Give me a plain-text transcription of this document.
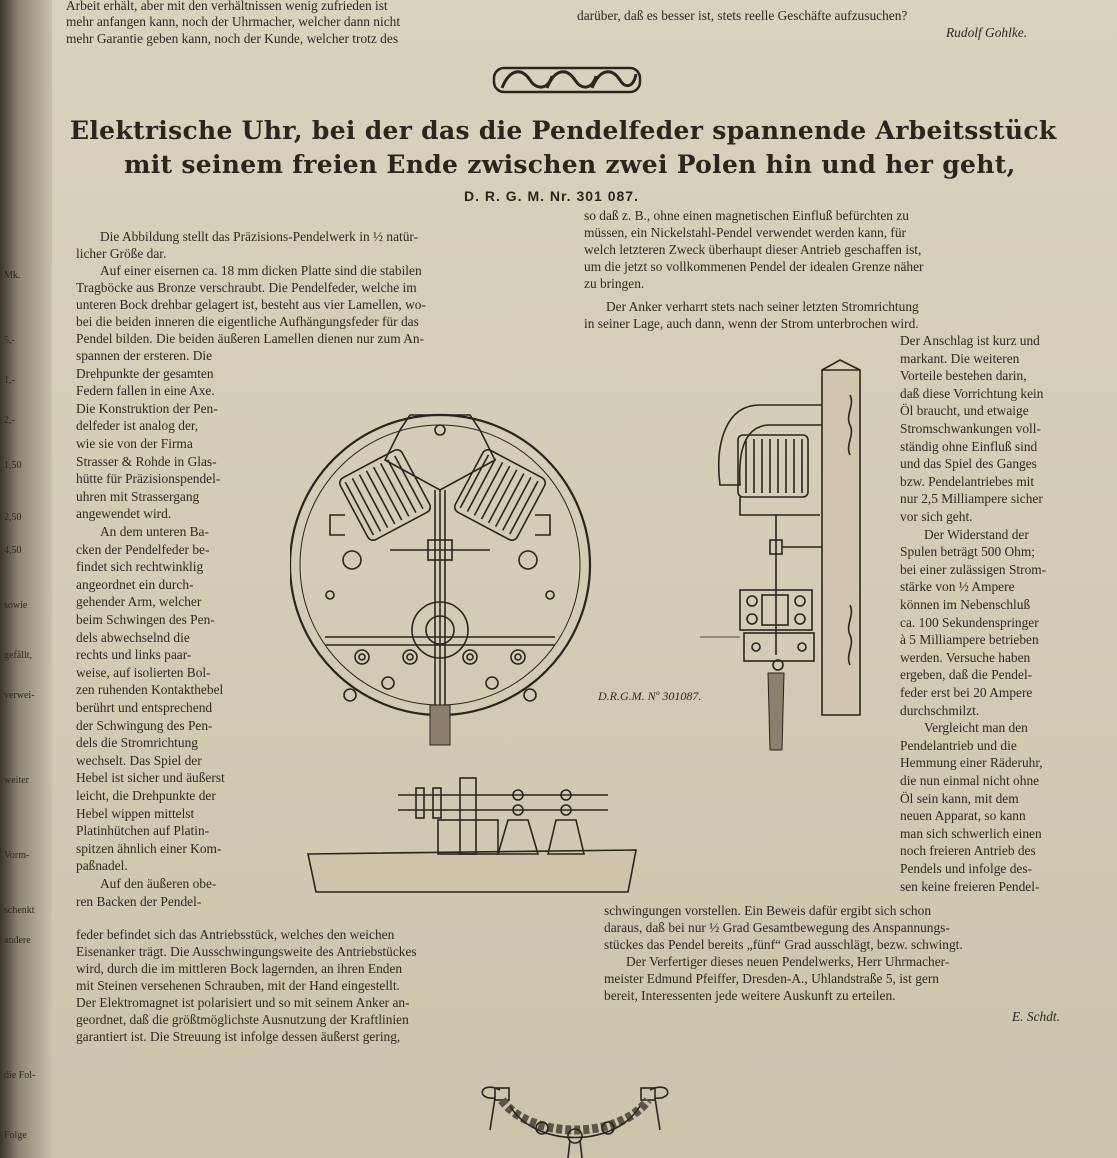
Mk.
5,-
1,-
2,-
1,50
2,50
4,50
sowie
gefällt,
verwei-
weiter
Vorm-
schenkt
andere
die Fol-
Folge
Arbeit erhält, aber mit den verhältnissen wenig zufrieden ist
mehr anfangen kann, noch der Uhrmacher, welcher dann nicht
mehr Garantie geben kann, noch der Kunde, welcher trotz des
darüber, daß es besser ist, stets reelle Geschäfte aufzusuchen?
Rudolf Gohlke.
Elektrische Uhr, bei der das die Pendelfeder spannende Arbeitsstück
mit seinem freien Ende zwischen zwei Polen hin und her geht,
D. R. G. M. Nr. 301 087.
Die Abbildung stellt das Präzisions-Pendelwerk in ½ natür-
licher Größe dar.
Auf einer eisernen ca. 18 mm dicken Platte sind die stabilen
Tragböcke aus Bronze verschraubt. Die Pendelfeder, welche im
unteren Bock drehbar gelagert ist, besteht aus vier Lamellen, wo-
bei die beiden inneren die eigentliche Aufhängungsfeder für das
Pendel bilden. Die beiden äußeren Lamellen dienen nur zum An-
spannen der ersteren. Die
Drehpunkte der gesamten
Federn fallen in eine Axe.
Die Konstruktion der Pen-
delfeder ist analog der,
wie sie von der Firma
Strasser & Rohde in Glas-
hütte für Präzisionspendel-
uhren mit Strassergang
angewendet wird.
An dem unteren Ba-
cken der Pendelfeder be-
findet sich rechtwinklig
angeordnet ein durch-
gehender Arm, welcher
beim Schwingen des Pen-
dels abwechselnd die
rechts und links paar-
weise, auf isolierten Bol-
zen ruhenden Kontakthebel
berührt und entsprechend
der Schwingung des Pen-
dels die Stromrichtung
wechselt. Das Spiel der
Hebel ist sicher und äußerst
leicht, die Drehpunkte der
Hebel wippen mittelst
Platinhütchen auf Platin-
spitzen ähnlich einer Kom-
paßnadel.
Auf den äußeren obe-
ren Backen der Pendel-
so daß z. B., ohne einen magnetischen Einfluß befürchten zu
müssen, ein Nickelstahl-Pendel verwendet werden kann, für
welch letzteren Zweck überhaupt dieser Antrieb geschaffen ist,
um die jetzt so vollkommenen Pendel der idealen Grenze näher
zu bringen.
Der Anker verharrt stets nach seiner letzten Stromrichtung
in seiner Lage, auch dann, wenn der Strom unterbrochen wird.
Der Anschlag ist kurz und
markant. Die weiteren
Vorteile bestehen darin,
daß diese Vorrichtung kein
Öl braucht, und etwaige
Stromschwankungen voll-
ständig ohne Einfluß sind
und das Spiel des Ganges
bzw. Pendelantriebes mit
nur 2,5 Milliampere sicher
vor sich geht.
Der Widerstand der
Spulen beträgt 500 Ohm;
bei einer zulässigen Strom-
stärke von ½ Ampere
können im Nebenschluß
ca. 100 Sekundenspringer
à 5 Milliampere betrieben
werden. Versuche haben
ergeben, daß die Pendel-
feder erst bei 20 Ampere
durchschmilzt.
Vergleicht man den
Pendelantrieb und die
Hemmung einer Räderuhr,
die nun einmal nicht ohne
Öl sein kann, mit dem
neuen Apparat, so kann
man sich schwerlich einen
noch freieren Antrieb des
Pendels und infolge des-
sen keine freieren Pendel-
feder befindet sich das Antriebsstück, welches den weichen
Eisenanker trägt. Die Ausschwingungsweite des Antriebstückes
wird, durch die im mittleren Bock lagernden, an ihren Enden
mit Steinen versehenen Schrauben, mit der Hand eingestellt.
Der Elektromagnet ist polarisiert und so mit seinem Anker an-
geordnet, daß die größtmöglichste Ausnutzung der Kraftlinien
garantiert ist. Die Streuung ist infolge dessen äußerst gering,
schwingungen vorstellen. Ein Beweis dafür ergibt sich schon
daraus, daß bei nur ½ Grad Gesamtbewegung des Anspannungs-
stückes das Pendel bereits „fünf“ Grad ausschlägt, bezw. schwingt.
Der Verfertiger dieses neuen Pendelwerks, Herr Uhrmacher-
meister Edmund Pfeiffer, Dresden-A., Uhlandstraße 5, ist gern
bereit, Interessenten jede weitere Auskunft zu erteilen.
E. Schdt.
D.R.G.M. Nº 301087.
